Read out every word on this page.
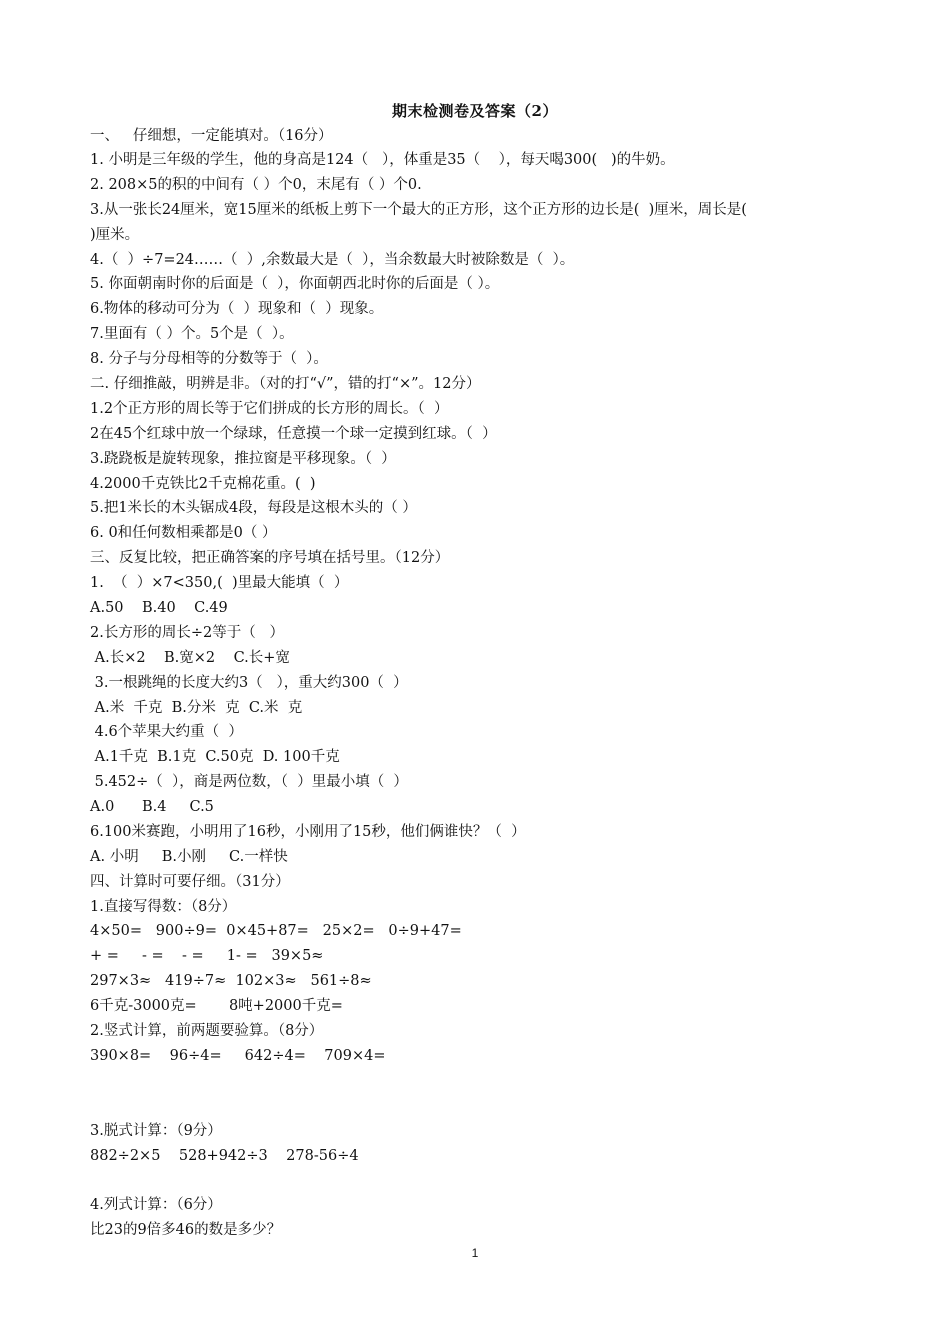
期末检测卷及答案（2）
一、   仔细想，一定能填对。（16分）
1. 小明是三年级的学生，他的身高是124（   ），体重是35（    ），每天喝300(   )的牛奶。
2. 208×5的积的中间有（ ）个0，末尾有（ ）个0.
3.从一张长24厘米，宽15厘米的纸板上剪下一个最大的正方形，这个正方形的边长是(  )厘米，周长是(
)厘米。
4.（  ）÷7=24……（  ）,余数最大是（  ），当余数最大时被除数是（  ）。
5. 你面朝南时你的后面是（  ），你面朝西北时你的后面是（ ）。
6.物体的移动可分为（  ）现象和（  ）现象。
7.里面有（ ）个。5个是（  ）。
8. 分子与分母相等的分数等于（  ）。
二. 仔细推敲，明辨是非。（对的打“√”，错的打“×”。12分）
1.2个正方形的周长等于它们拼成的长方形的周长。（  ）
2在45个红球中放一个绿球，任意摸一个球一定摸到红球。（  ）
3.跷跷板是旋转现象，推拉窗是平移现象。（  ）
4.2000千克铁比2千克棉花重。(  )
5.把1米长的木头锯成4段，每段是这根木头的（ ）
6. 0和任何数相乘都是0（ ）
三、反复比较，把正确答案的序号填在括号里。（12分）
1.  （  ）×7<350,(  )里最大能填（  ）
A.50    B.40    C.49
2.长方形的周长÷2等于（   ）
A.长×2    B.宽×2    C.长+宽
3.一根跳绳的长度大约3（   ），重大约300（  ）
A.米  千克  B.分米  克  C.米  克
4.6个苹果大约重（  ）
A.1千克  B.1克  C.50克  D. 100千克
5.452÷（  ），商是两位数，（  ）里最小填（  ）
A.0      B.4     C.5
6.100米赛跑，小明用了16秒，小刚用了15秒，他们俩谁快？（  ）
A. 小明     B.小刚     C.一样快
四、计算时可要仔细。（31分）
1.直接写得数：（8分）
4×50=   900÷9=  0×45+87=   25×2=   0÷9+47=
+ =     - =    - =     1- =   39×5≈
297×3≈   419÷7≈  102×3≈   561÷8≈
6千克-3000克=       8吨+2000千克=
2.竖式计算，前两题要验算。（8分）
390×8=    96÷4=     642÷4=    709×4=
3.脱式计算：（9分）
882÷2×5    528+942÷3    278-56÷4
4.列式计算：（6分）
比23的9倍多46的数是多少？
1
